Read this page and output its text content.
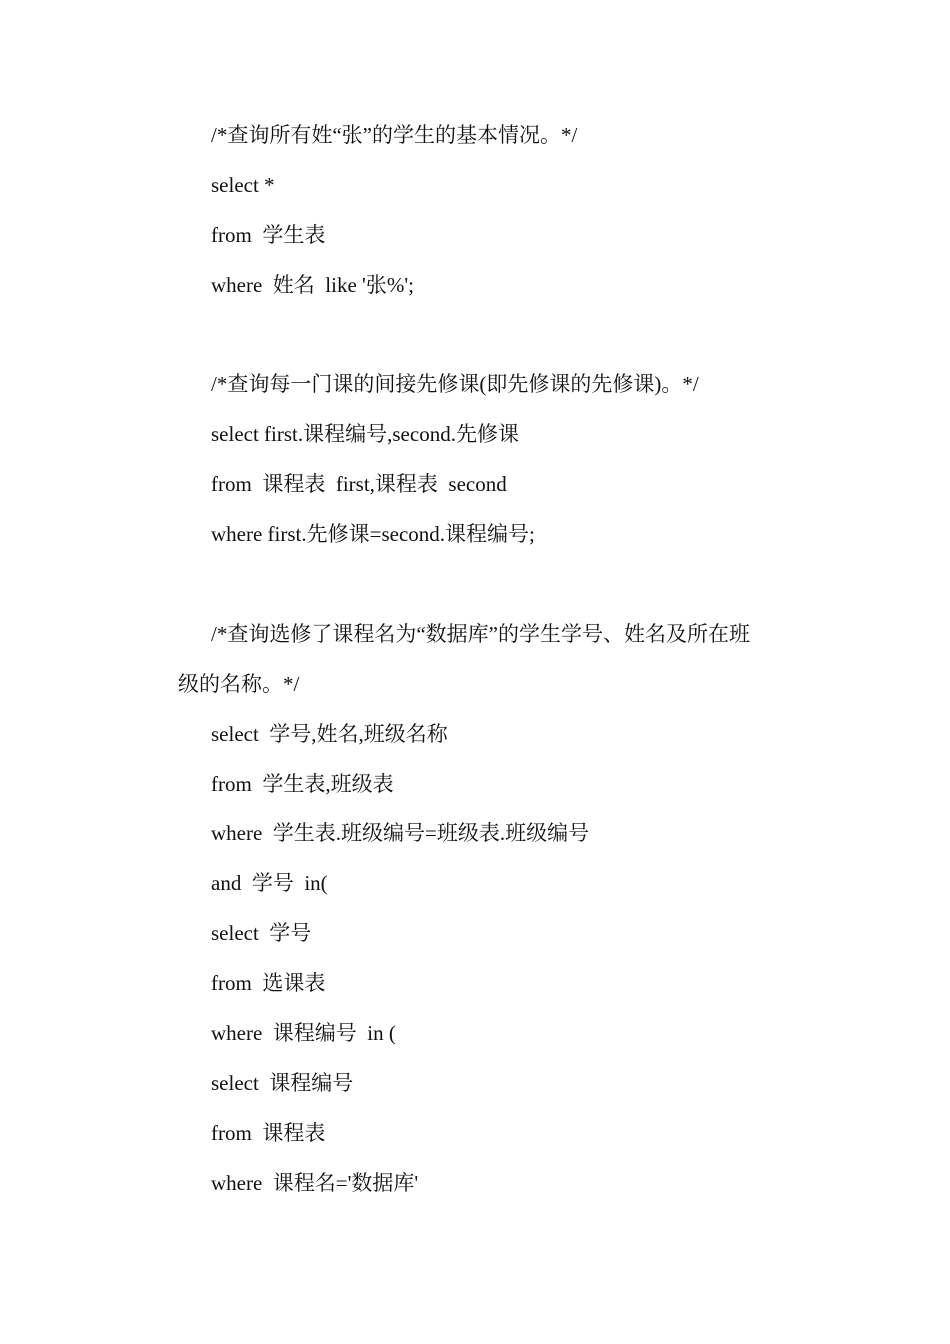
/*查询所有姓“张”的学生的基本情况。*/
select *
from  学生表
where  姓名  like '张%';
/*查询每一门课的间接先修课(即先修课的先修课)。*/
select first.课程编号,second.先修课
from  课程表  first,课程表  second
where first.先修课=second.课程编号;
/*查询选修了课程名为“数据库”的学生学号、姓名及所在班
级的名称。*/
select  学号,姓名,班级名称
from  学生表,班级表
where  学生表.班级编号=班级表.班级编号
and  学号  in(
select  学号
from  选课表
where  课程编号  in (
select  课程编号
from  课程表
where  课程名='数据库'
